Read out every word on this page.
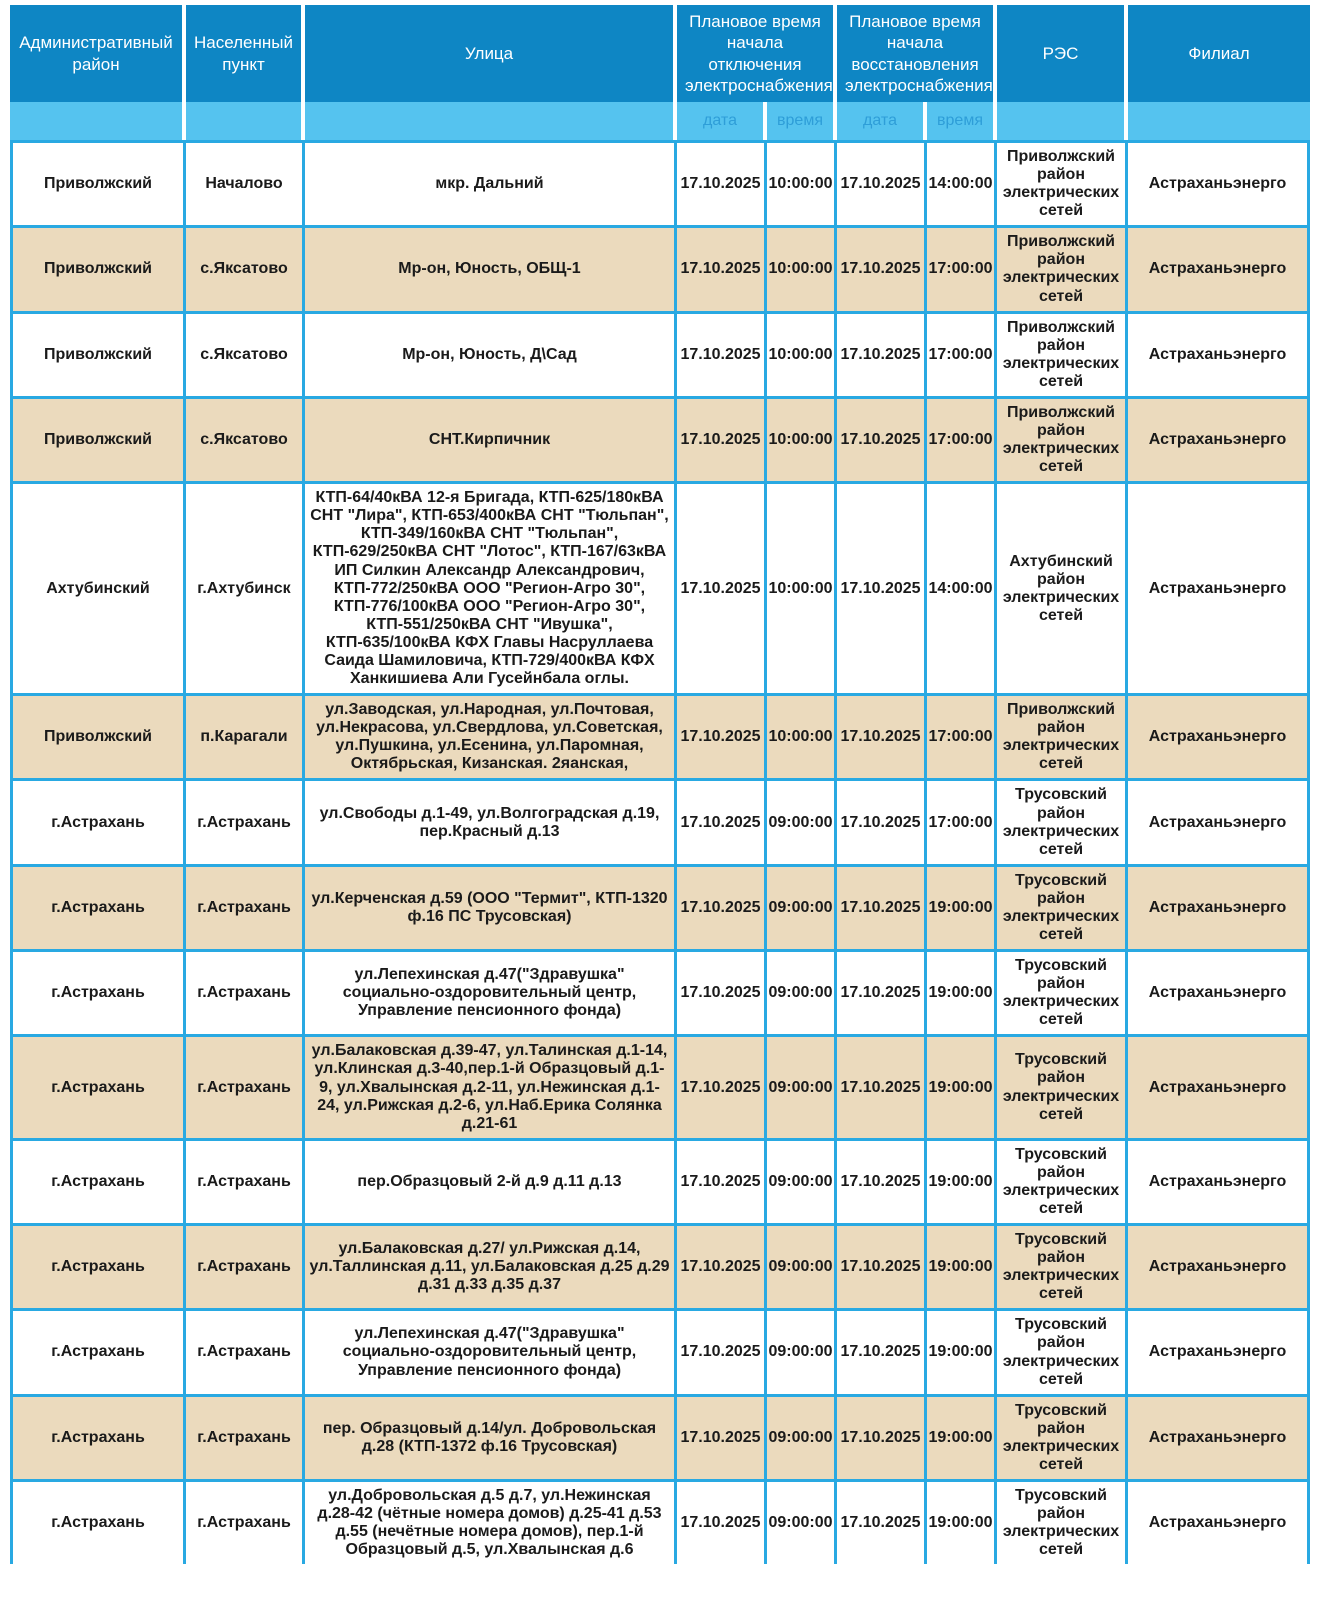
Административный район	Населенный пункт	Улица	Плановое время начала отключения электроснабжения		Плановое время начала восстановления электроснабжения		РЭС	Филиал
			дата	время	дата	время		
Приволжский	Началово	мкр. Дальний	17.10.2025	10:00:00	17.10.2025	14:00:00	Приволжский район электрических сетей	Астраханьэнерго
Приволжский	с.Яксатово	Мр-он, Юность, ОБЩ-1	17.10.2025	10:00:00	17.10.2025	17:00:00	Приволжский район электрических сетей	Астраханьэнерго
Приволжский	с.Яксатово	Мр-он, Юность, Д\Сад	17.10.2025	10:00:00	17.10.2025	17:00:00	Приволжский район электрических сетей	Астраханьэнерго
Приволжский	с.Яксатово	СНТ.Кирпичник	17.10.2025	10:00:00	17.10.2025	17:00:00	Приволжский район электрических сетей	Астраханьэнерго
Ахтубинский	г.Ахтубинск	КТП-64/40кВА 12-я Бригада, КТП-625/180кВА СНТ "Лира", КТП-653/400кВА СНТ "Тюльпан", КТП-349/160кВА СНТ "Тюльпан", КТП-629/250кВА СНТ "Лотос", КТП-167/63кВА ИП Силкин Александр Александрович, КТП-772/250кВА ООО "Регион-Агро 30", КТП-776/100кВА ООО "Регион-Агро 30", КТП-551/250кВА СНТ "Ивушка", КТП-635/100кВА КФХ Главы Насруллаева Саида Шамиловича, КТП-729/400кВА КФХ Ханкишиева Али Гусейнбала оглы.	17.10.2025	10:00:00	17.10.2025	14:00:00	Ахтубинский район электрических сетей	Астраханьэнерго
Приволжский	п.Карагали	ул.Заводская, ул.Народная, ул.Почтовая, ул.Некрасова, ул.Свердлова, ул.Советская, ул.Пушкина, ул.Есенина, ул.Паромная, Октябрьская, Кизанская. 2яанская,	17.10.2025	10:00:00	17.10.2025	17:00:00	Приволжский район электрических сетей	Астраханьэнерго
г.Астрахань	г.Астрахань	ул.Свободы д.1-49, ул.Волгоградская д.19, пер.Красный д.13	17.10.2025	09:00:00	17.10.2025	17:00:00	Трусовский район электрических сетей	Астраханьэнерго
г.Астрахань	г.Астрахань	ул.Керченская д.59 (ООО "Термит", КТП-1320 ф.16 ПС Трусовская)	17.10.2025	09:00:00	17.10.2025	19:00:00	Трусовский район электрических сетей	Астраханьэнерго
г.Астрахань	г.Астрахань	ул.Лепехинская д.47("Здравушка" социально-оздоровительный центр, Управление пенсионного фонда)	17.10.2025	09:00:00	17.10.2025	19:00:00	Трусовский район электрических сетей	Астраханьэнерго
г.Астрахань	г.Астрахань	ул.Балаковская д.39-47, ул.Талинская д.1-14, ул.Клинская д.3-40,пер.1-й Образцовый д.1-9, ул.Хвалынская д.2-11, ул.Нежинская д.1-24, ул.Рижская д.2-6, ул.Наб.Ерика Солянка д.21-61	17.10.2025	09:00:00	17.10.2025	19:00:00	Трусовский район электрических сетей	Астраханьэнерго
г.Астрахань	г.Астрахань	пер.Образцовый 2-й д.9 д.11 д.13	17.10.2025	09:00:00	17.10.2025	19:00:00	Трусовский район электрических сетей	Астраханьэнерго
г.Астрахань	г.Астрахань	ул.Балаковская д.27/ ул.Рижская д.14, ул.Таллинская д.11, ул.Балаковская д.25 д.29 д.31 д.33 д.35 д.37	17.10.2025	09:00:00	17.10.2025	19:00:00	Трусовский район электрических сетей	Астраханьэнерго
г.Астрахань	г.Астрахань	ул.Лепехинская д.47("Здравушка" социально-оздоровительный центр, Управление пенсионного фонда)	17.10.2025	09:00:00	17.10.2025	19:00:00	Трусовский район электрических сетей	Астраханьэнерго
г.Астрахань	г.Астрахань	пер. Образцовый д.14/ул. Добровольская д.28 (КТП-1372 ф.16 Трусовская)	17.10.2025	09:00:00	17.10.2025	19:00:00	Трусовский район электрических сетей	Астраханьэнерго
г.Астрахань	г.Астрахань	ул.Добровольская д.5 д.7, ул.Нежинская д.28-42 (чётные номера домов) д.25-41 д.53 д.55 (нечётные номера домов), пер.1-й Образцовый д.5, ул.Хвалынская д.6	17.10.2025	09:00:00	17.10.2025	19:00:00	Трусовский район электрических сетей	Астраханьэнерго
